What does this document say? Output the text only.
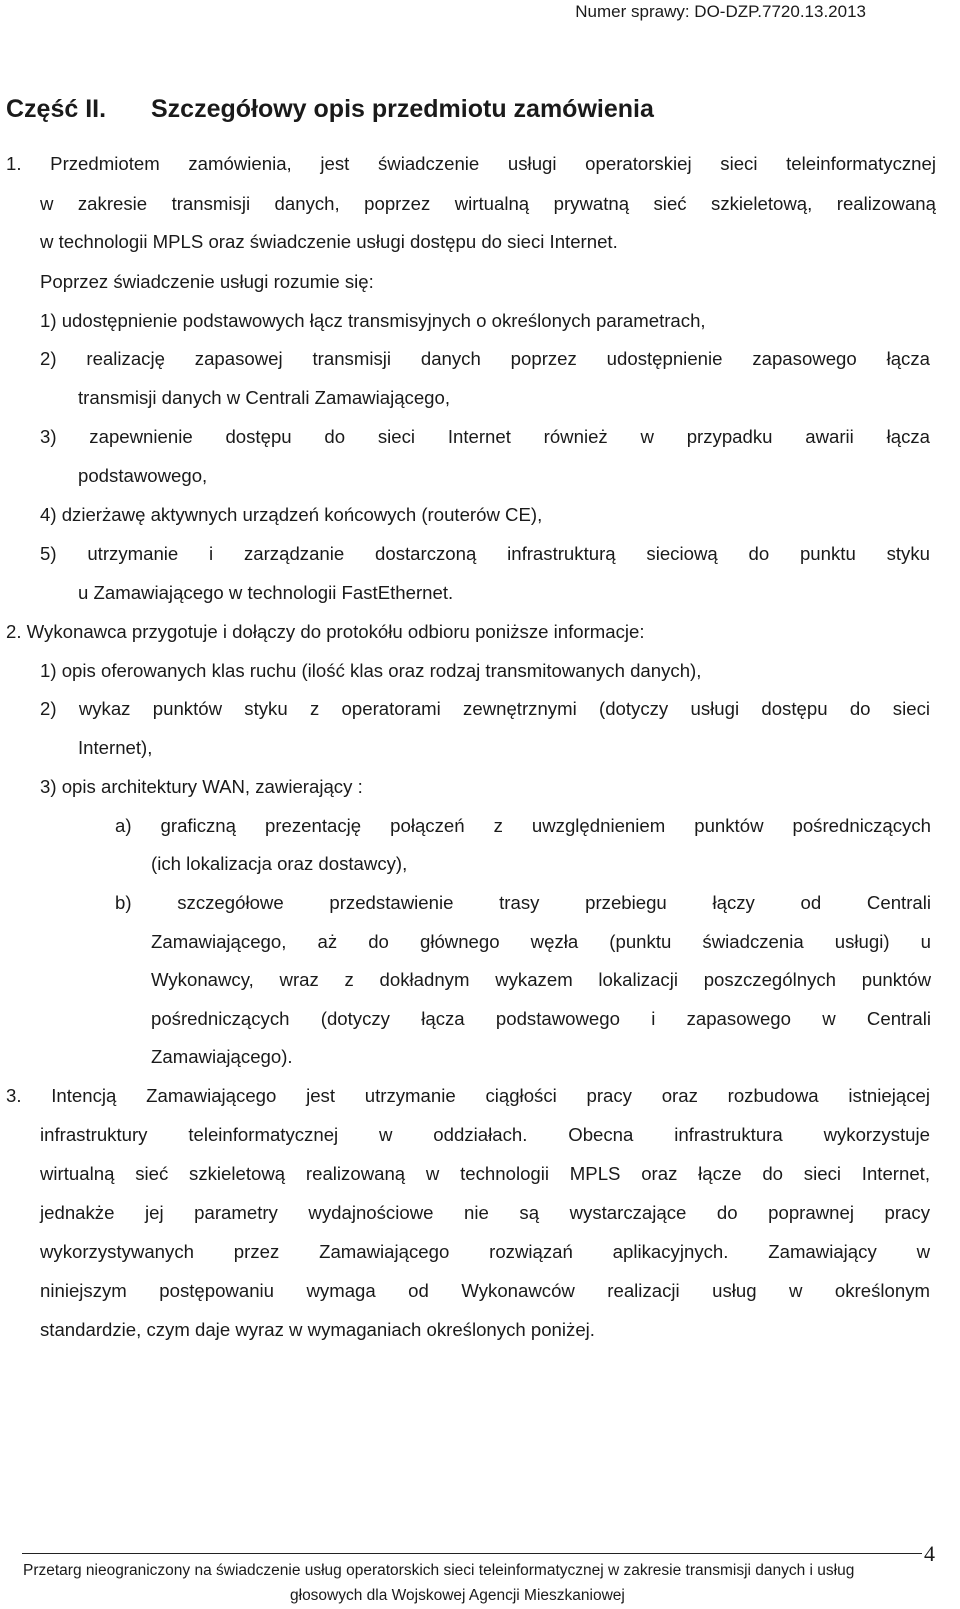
Numer sprawy: DO-DZP.7720.13.2013
Część II. Szczegółowy opis przedmiotu zamówienia
1. Przedmiotem zamówienia, jest świadczenie usługi operatorskiej sieci teleinformatycznej
w zakresie transmisji danych, poprzez wirtualną prywatną sieć szkieletową, realizowaną
w technologii MPLS oraz świadczenie usługi dostępu do sieci Internet.
Poprzez świadczenie usługi rozumie się:
1) udostępnienie podstawowych łącz transmisyjnych o określonych parametrach,
2) realizację zapasowej transmisji danych poprzez udostępnienie zapasowego łącza
transmisji danych w Centrali Zamawiającego,
3) zapewnienie dostępu do sieci Internet również w przypadku awarii łącza
podstawowego,
4) dzierżawę aktywnych urządzeń końcowych (routerów CE),
5) utrzymanie i zarządzanie dostarczoną infrastrukturą sieciową do punktu styku
u Zamawiającego w technologii FastEthernet.
2. Wykonawca przygotuje i dołączy do protokółu odbioru poniższe informacje:
1) opis oferowanych klas ruchu (ilość klas oraz rodzaj transmitowanych danych),
2) wykaz punktów styku z operatorami zewnętrznymi (dotyczy usługi dostępu do sieci
Internet),
3) opis architektury WAN, zawierający :
a) graficzną prezentację połączeń z uwzględnieniem punktów pośredniczących
(ich lokalizacja oraz dostawcy),
b) szczegółowe przedstawienie trasy przebiegu łączy od Centrali
Zamawiającego, aż do głównego węzła (punktu świadczenia usługi) u
Wykonawcy, wraz z dokładnym wykazem lokalizacji poszczególnych punktów
pośredniczących (dotyczy łącza podstawowego i zapasowego w Centrali
Zamawiającego).
3. Intencją Zamawiającego jest utrzymanie ciągłości pracy oraz rozbudowa istniejącej
infrastruktury teleinformatycznej w oddziałach. Obecna infrastruktura wykorzystuje
wirtualną sieć szkieletową realizowaną w technologii MPLS oraz łącze do sieci Internet,
jednakże jej parametry wydajnościowe nie są wystarczające do poprawnej pracy
wykorzystywanych przez Zamawiającego rozwiązań aplikacyjnych. Zamawiający w
niniejszym postępowaniu wymaga od Wykonawców realizacji usług w określonym
standardzie, czym daje wyraz w wymaganiach określonych poniżej.
Przetarg nieograniczony na świadczenie usług operatorskich sieci teleinformatycznej w zakresie transmisji danych i usług
głosowych dla Wojskowej Agencji Mieszkaniowej
4
